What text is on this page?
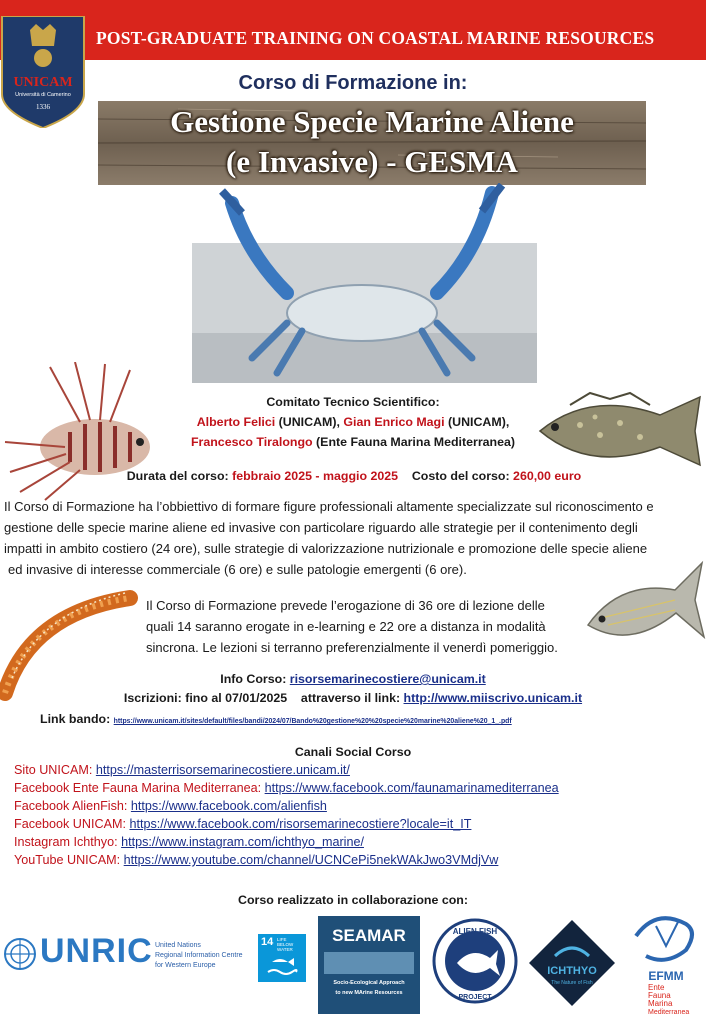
POST-GRADUATE TRAINING ON COASTAL MARINE RESOURCES
UNICAM
Università di Camerino
1336
Corso di Formazione in:
Gestione Specie Marine Aliene
(e Invasive) - GESMA
Comitato Tecnico Scientifico:
Alberto Felici (UNICAM), Gian Enrico Magi (UNICAM),
Francesco Tiralongo (Ente Fauna Marina Mediterranea)
Durata del corso: febbraio 2025 - maggio 2025 Costo del corso: 260,00 euro
Il Corso di Formazione ha l’obbiettivo di formare figure professionali altamente specializzate sul riconoscimento e
gestione delle specie marine aliene ed invasive con particolare riguardo alle strategie per il contenimento degli
impatti in ambito costiero (24 ore), sulle strategie di valorizzazione nutrizionale e promozione delle specie aliene
ed invasive di interesse commerciale (6 ore) e sulle patologie emergenti (6 ore).
Il Corso di Formazione prevede l’erogazione di 36 ore di lezione delle
quali 14 saranno erogate in e-learning e 22 ore a distanza in modalità
sincrona. Le lezioni si terranno preferenzialmente il venerdì pomeriggio.
Info Corso: risorsemarinecostiere@unicam.it
Iscrizioni: fino al 07/01/2025 attraverso il link: http://www.miiscrivo.unicam.it
Link bando: https://www.unicam.it/sites/default/files/bandi/2024/07/Bando%20gestione%20%20specie%20marine%20aliene%20_1_.pdf
Canali Social Corso
Sito UNICAM: https://masterrisorsemarinecostiere.unicam.it/
Facebook Ente Fauna Marina Mediterranea: https://www.facebook.com/faunamarinamediterranea
Facebook AlienFish: https://www.facebook.com/alienfish
Facebook UNICAM: https://www.facebook.com/risorsemarinecostiere?locale=it_IT
Instagram Ichthyo: https://www.instagram.com/ichthyo_marine/
YouTube UNICAM: https://www.youtube.com/channel/UCNCePi5nekWAkJwo3VMdjVw
Corso realizzato in collaborazione con:
UNRIC United Nations
Regional Information Centre
for Western Europe
14 LIFE
BELOW WATER
SEAMAR
Socio-Ecological Approach
to new MArine Resources
ALIEN FISH
PROJECT
ICHTHYO
The Nature of Fish	EFMM
Ente
Fauna
Marina
Mediterranea
